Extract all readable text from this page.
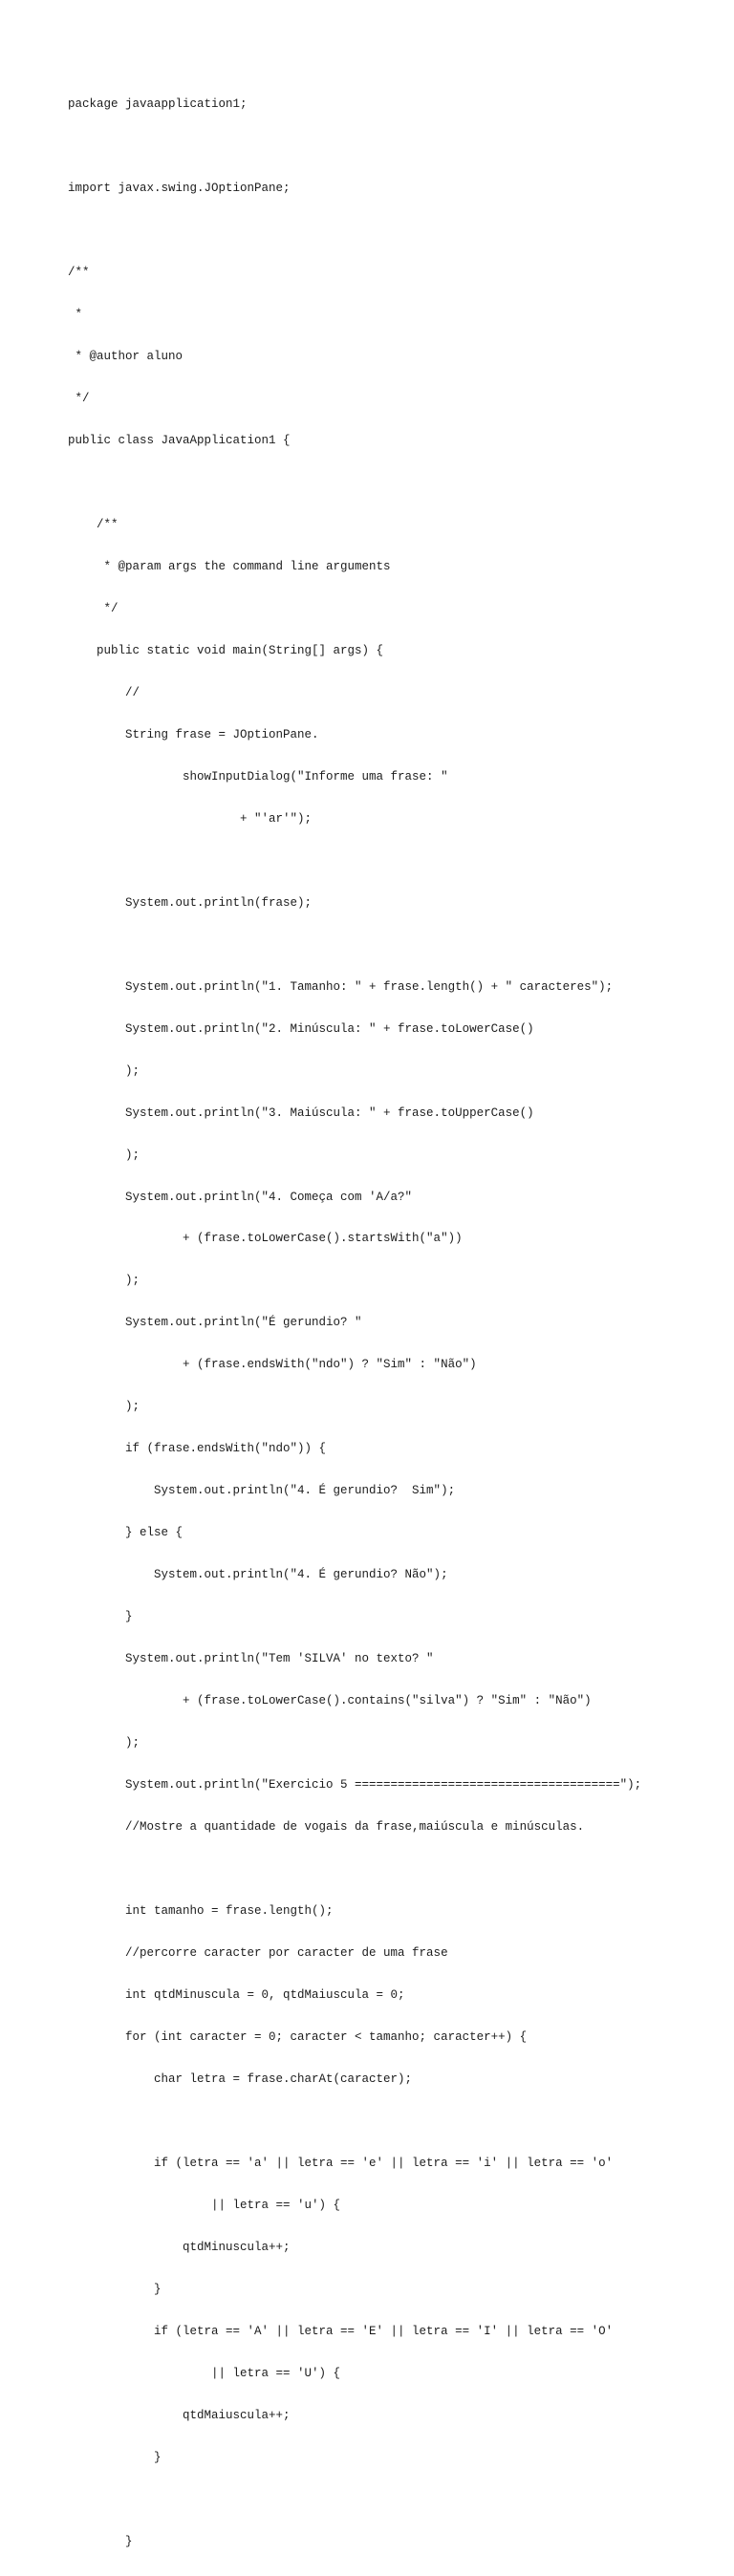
package javaapplication1;

import javax.swing.JOptionPane;

/**

*

* @author aluno

*/

public class JavaApplication1 {

/**

* @param args the command line arguments

*/

public static void main(String[] args) {

//

String frase = JOptionPane.

showInputDialog("Informe uma frase: "

+ "'ar'");

System.out.println(frase);

System.out.println("1. Tamanho: " + frase.length() + " caracteres");

System.out.println("2. Minúscula: " + frase.toLowerCase()

);

System.out.println("3. Maiúscula: " + frase.toUpperCase()

);

System.out.println("4. Começa com 'A/a?"

+ (frase.toLowerCase().startsWith("a"))

);

System.out.println("É gerundio? "

+ (frase.endsWith("ndo") ? "Sim" : "Não")

);

if (frase.endsWith("ndo")) {

System.out.println("4. É gerundio?  Sim");

} else {

System.out.println("4. É gerundio? Não");

}

System.out.println("Tem 'SILVA' no texto? "

+ (frase.toLowerCase().contains("silva") ? "Sim" : "Não")

);

System.out.println("Exercicio 5 =====================================");

//Mostre a quantidade de vogais da frase,maiúscula e minúsculas.

int tamanho = frase.length();

//percorre caracter por caracter de uma frase

int qtdMinuscula = 0, qtdMaiuscula = 0;

for (int caracter = 0; caracter < tamanho; caracter++) {

char letra = frase.charAt(caracter);

if (letra == 'a' || letra == 'e' || letra == 'i' || letra == 'o'

|| letra == 'u') {

qtdMinuscula++;

}

if (letra == 'A' || letra == 'E' || letra == 'I' || letra == 'O'

|| letra == 'U') {

qtdMaiuscula++;

}

}
